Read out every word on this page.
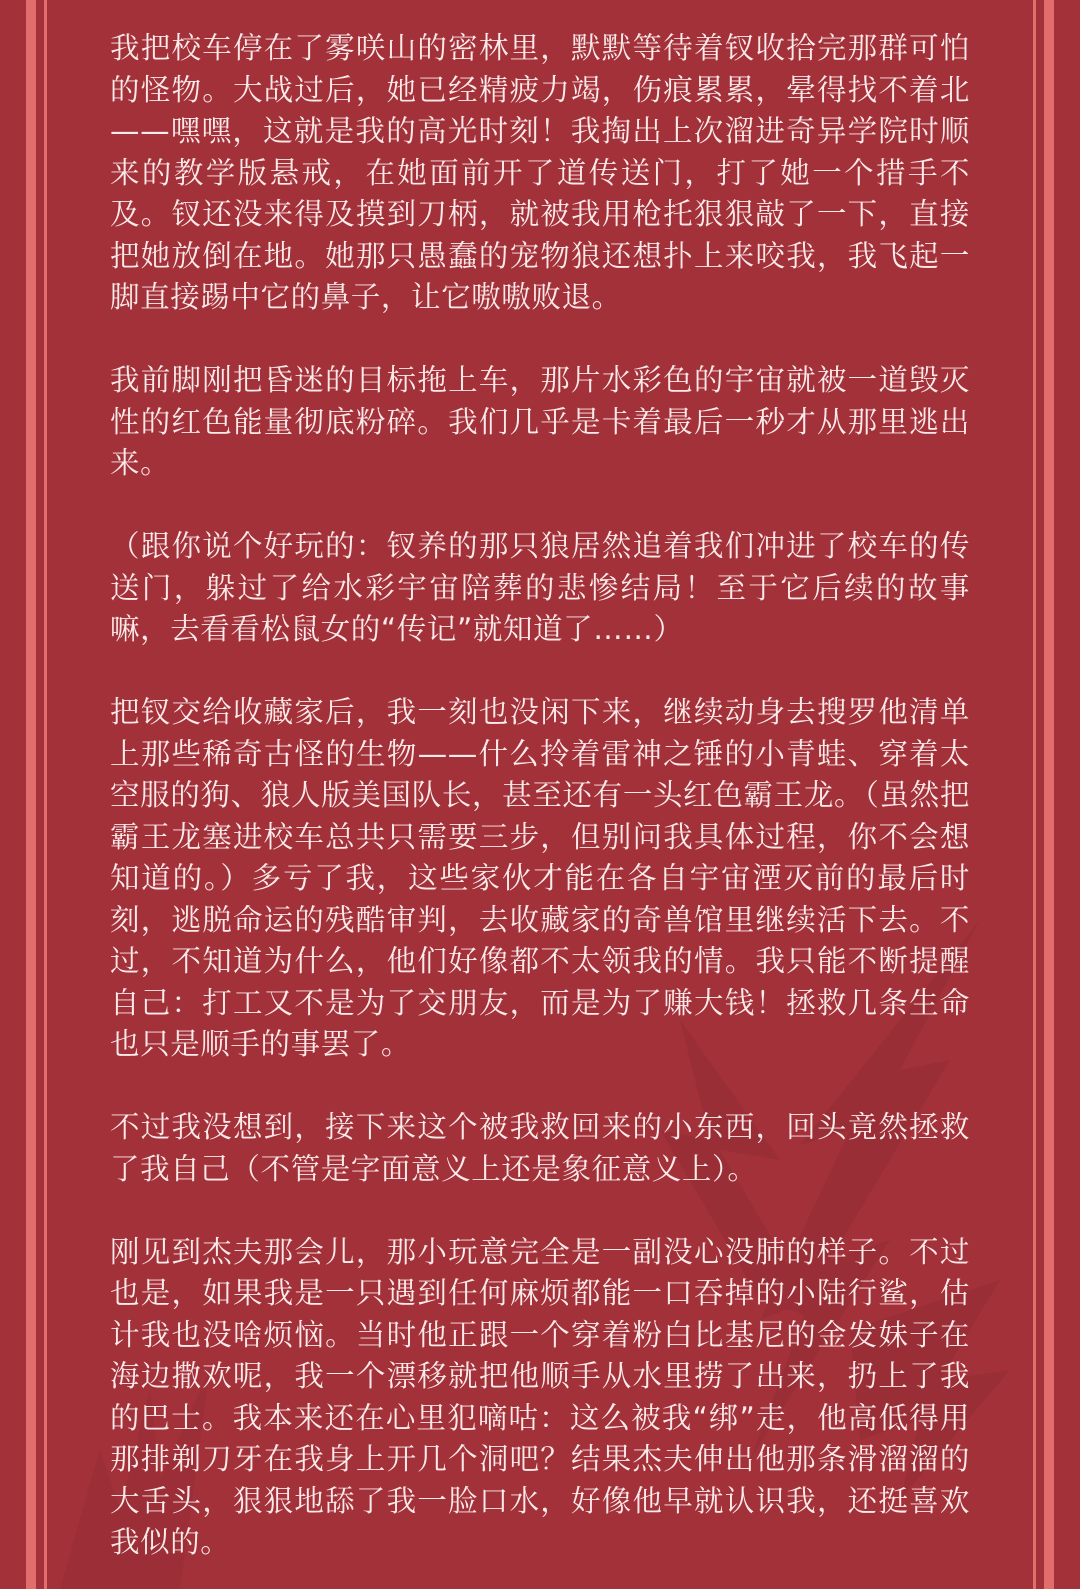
我把校车停在了雾咲山的密林里，默默等待着钗收拾完那群可怕的怪物。大战过后，她已经精疲力竭，伤痕累累，晕得找不着北——嘿嘿，这就是我的高光时刻！我掏出上次溜进奇异学院时顺来的教学版悬戒，在她面前开了道传送门，打了她一个措手不及。钗还没来得及摸到刀柄，就被我用枪托狠狠敲了一下，直接把她放倒在地。她那只愚蠢的宠物狼还想扑上来咬我，我飞起一脚直接踢中它的鼻子，让它嗷嗷败退。

我前脚刚把昏迷的目标拖上车，那片水彩色的宇宙就被一道毁灭性的红色能量彻底粉碎。我们几乎是卡着最后一秒才从那里逃出来。

（跟你说个好玩的：钗养的那只狼居然追着我们冲进了校车的传送门，躲过了给水彩宇宙陪葬的悲惨结局！至于它后续的故事嘛，去看看松鼠女的“传记”就知道了……）

把钗交给收藏家后，我一刻也没闲下来，继续动身去搜罗他清单上那些稀奇古怪的生物——什么拎着雷神之锤的小青蛙、穿着太空服的狗、狼人版美国队长，甚至还有一头红色霸王龙。（虽然把霸王龙塞进校车总共只需要三步，但别问我具体过程，你不会想知道的。）多亏了我，这些家伙才能在各自宇宙湮灭前的最后时刻，逃脱命运的残酷审判，去收藏家的奇兽馆里继续活下去。不过，不知道为什么，他们好像都不太领我的情。我只能不断提醒自己：打工又不是为了交朋友，而是为了赚大钱！拯救几条生命也只是顺手的事罢了。

不过我没想到，接下来这个被我救回来的小东西，回头竟然拯救了我自己（不管是字面意义上还是象征意义上）。

刚见到杰夫那会儿，那小玩意完全是一副没心没肺的样子。不过也是，如果我是一只遇到任何麻烦都能一口吞掉的小陆行鲨，估计我也没啥烦恼。当时他正跟一个穿着粉白比基尼的金发妹子在海边撒欢呢，我一个漂移就把他顺手从水里捞了出来，扔上了我的巴士。我本来还在心里犯嘀咕：这么被我“绑”走，他高低得用那排剃刀牙在我身上开几个洞吧？结果杰夫伸出他那条滑溜溜的大舌头，狠狠地舔了我一脸口水，好像他早就认识我，还挺喜欢我似的。
